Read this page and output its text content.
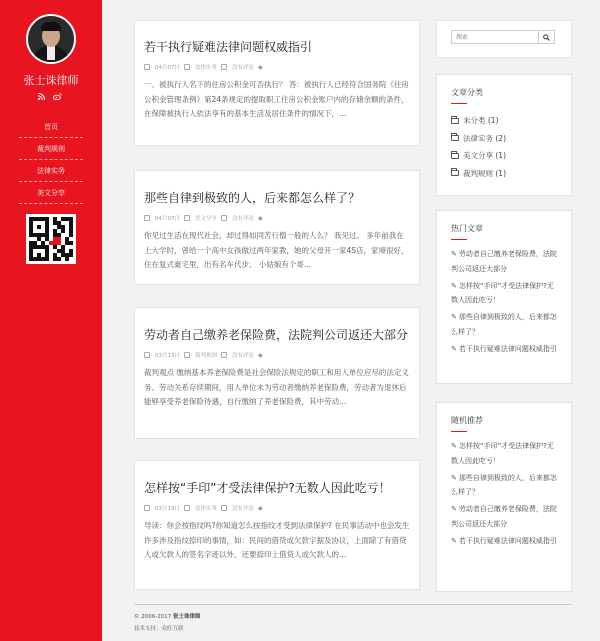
张士诛律师
首页
裁判规则
法律实务
美文分享
若干执行疑难法律问题权威指引
04月07日	法律实务	没有评论 ◆

一、被执行人名下的住房公积金可否执行？ 答：被执行人已经符合国务院《住房公积金管理条例》第24条规定的提取职工住房公积金账户内的存储余额的条件，在保障被执行人依法享有的基本生活及居住条件的情况下，...

那些自律到极致的人，后来都怎么样了？
04月07日	美文分享	没有评论 ◆

你见过生活在现代社会，却过得如同苦行僧一般的人么？ 我见过。 多年前我在上大学时，曾给一个高中女孩做过两年家教，她的父母开一家4S店，家境很好，住在复式豪宅里，出有名车代步。 小姑娘有个哥...

劳动者自己缴养老保险费，法院判公司返还大部分
03月13日	裁判规则	没有评论 ◆

裁判观点 缴纳基本养老保险费是社会保险法规定的职工和用人单位应尽的法定义务。劳动关系存续期间，用人单位未为劳动者缴纳养老保险费，劳动者为退休后能够享受养老保险待遇，自行缴纳了养老保险费，其中劳动...

怎样按“手印”才受法律保护?无数人因此吃亏！
03月13日	法律实务	没有评论 ◆

导读：你会按指纹吗?你知道怎么按指纹才受到法律保护? 在民事活动中也会发生许多涉及指纹捺印的事情，如：民间的借贷或欠款字据及协议，上面除了有借贷人或欠款人的签名字迹以外，还要捺印上借贷人或欠款人的...

搜索
文章分类
未分类 (1)
法律实务 (2)
美文分享 (1)
裁判规则 (1)
热门文章
✎ 劳动者自己缴养老保险费，法院判公司返还大部分
✎ 怎样按“手印”才受法律保护?无数人因此吃亏！
✎ 那些自律到极致的人，后来都怎么样了？
✎ 若干执行疑难法律问题权威指引
随机推荐
✎ 怎样按“手印”才受法律保护?无数人因此吃亏！
✎ 那些自律到极致的人，后来都怎么样了？
✎ 劳动者自己缴养老保险费，法院判公司返还大部分
✎ 若干执行疑难法律问题权威指引
© 2006-2017 张士诛律师
技术支持：众旺互联
